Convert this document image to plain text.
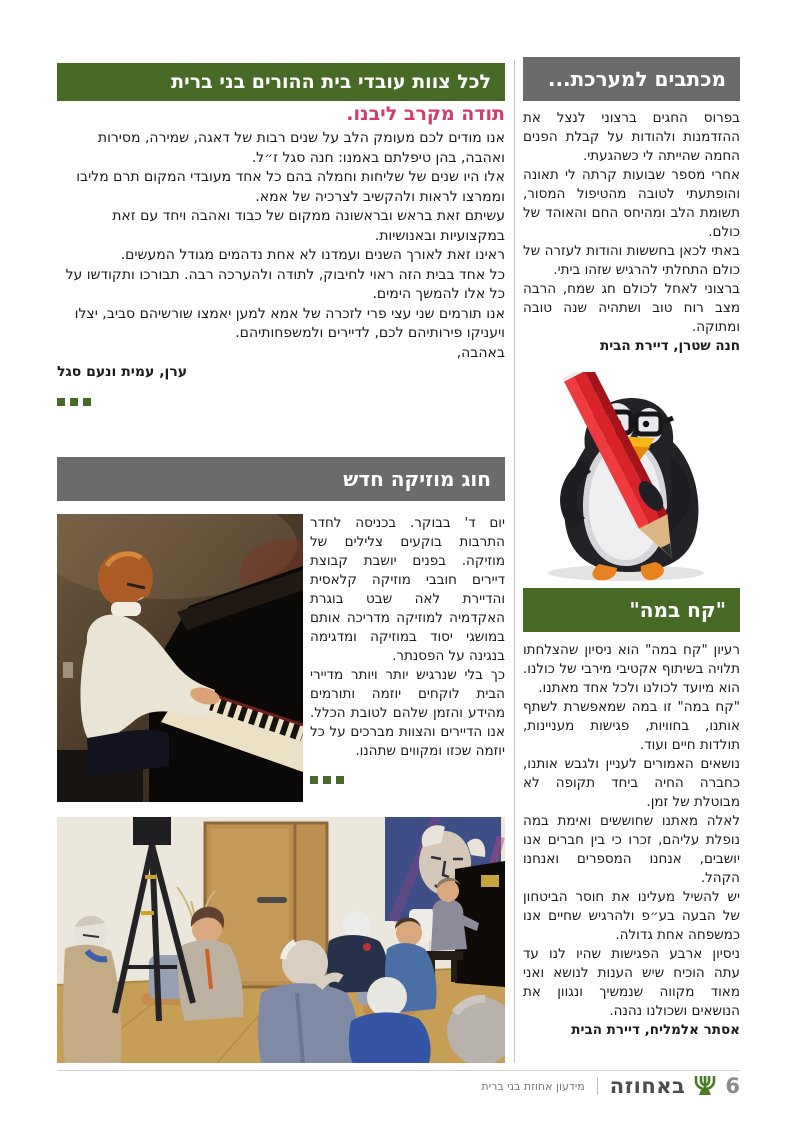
לכל צוות עובדי בית ההורים בני ברית
תודה מקרב ליבנו.

אנו מודים לכם מעומק הלב על שנים רבות של דאגה, שמירה, מסירות ואהבה, בהן טיפלתם באמנו: חנה סגל ז״ל.

אלו היו שנים של שליחות וחמלה בהם כל אחד מעובדי המקום תרם מליבו וממרצו לראות ולהקשיב לצרכיה של אמא.

עשיתם זאת בראש ובראשונה ממקום של כבוד ואהבה ויחד עם זאת במקצועיות ובאנושיות.

ראינו זאת לאורך השנים ועמדנו לא אחת נדהמים מגודל המעשים.

כל אחד בבית הזה ראוי לחיבוק, לתודה ולהערכה רבה. תבורכו ותקודשו על כל אלו להמשך הימים.

אנו תורמים שני עצי פרי לזכרה של אמא למען יאמצו שורשיהם סביב, יצלו ויעניקו פירותיהם לכם, לדיירים ולמשפחותיהם.

באהבה,

ערן, עמית ונעם סגל

מכתבים למערכת...

בפרוס החגים ברצוני לנצל את ההזדמנות ולהודות על קבלת הפנים החמה שהייתה לי כשהגעתי.

אחרי מספר שבועות קרתה לי תאונה והופתעתי לטובה מהטיפול המסור, תשומת הלב ומהיחס החם והאוהד של כולם.

באתי לכאן בחששות והודות לעזרה של כולם התחלתי להרגיש שזהו ביתי.

ברצוני לאחל לכולם חג שמח, הרבה מצב רוח טוב ושתהיה שנה טובה ומתוקה.

חנה שטרן, דיירת הבית

"קח במה"

רעיון "קח במה" הוא ניסיון שהצלחתו תלויה בשיתוף אקטיבי מירבי של כולנו. הוא מיועד לכולנו ולכל אחד מאתנו.

"קח במה" זו במה שמאפשרת לשתף אותנו, בחוויות, פגישות מעניינות, תולדות חיים ועוד.

נושאים האמורים לעניין ולגבש אותנו, כחברה החיה ביחד תקופה לא מבוטלת של זמן.

לאלה מאתנו שחוששים ואימת במה נופלת עליהם, זכרו כי בין חברים אנו יושבים, אנחנו המספרים ואנחנו הקהל.

יש להשיל מעלינו את חוסר הביטחון של הבעה בע״פ ולהרגיש שחיים אנו כמשפחה אחת גדולה.

ניסיון ארבע הפגישות שהיו לנו עד עתה הוכיח שיש הענות לנושא ואני מאוד מקווה שנמשיך ונגוון את הנושאים ושכולנו נהנה.

אסתר אלמליח, דיירת הבית

חוג מוזיקה חדש

יום ד' בבוקר. בכניסה לחדר התרבות בוקעים צלילים של מוזיקה. בפנים יושבת קבוצת דיירים חובבי מוזיקה קלאסית והדיירת לאה שבט בוגרת האקדמיה למוזיקה מדריכה אותם במושגי יסוד במוזיקה ומדגימה בנגינה על הפסנתר.

כך בלי שנרגיש יותר ויותר מדיירי הבית לוקחים יוזמה ותורמים מהידע והזמן שלהם לטובת הכלל. אנו הדיירים והצוות מברכים על כל יוזמה שכזו ומקווים שתהנו.

6
באחוזה
מידעון אחוזת בני ברית
